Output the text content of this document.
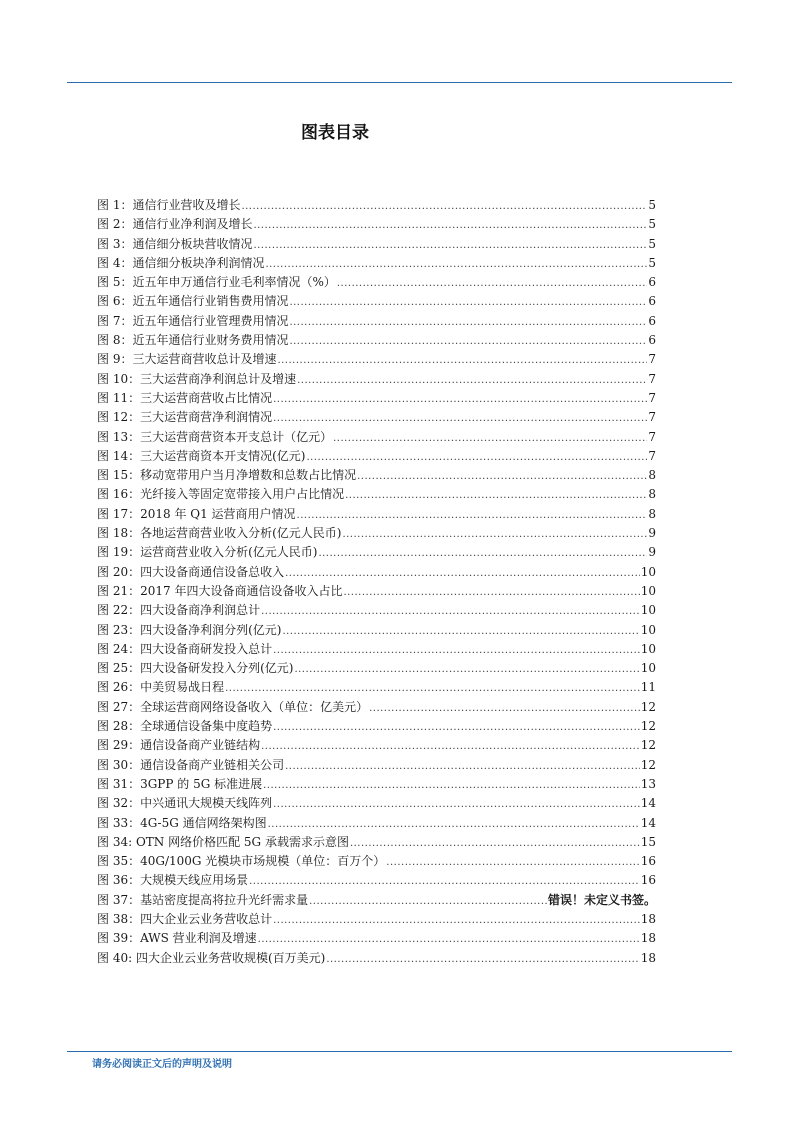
图表目录
图 1：通信行业营收及增长 .....	5
图 2：通信行业净利润及增长 .....	5
图 3：通信细分板块营收情况 .....	5
图 4：通信细分板块净利润情况 .....	5
图 5：近五年申万通信行业毛利率情况（%） .....	6
图 6：近五年通信行业销售费用情况 .....	6
图 7：近五年通信行业管理费用情况 .....	6
图 8：近五年通信行业财务费用情况 .....	6
图 9：三大运营商营收总计及增速 .....	7
图 10：三大运营商净利润总计及增速 .....	7
图 11：三大运营商营收占比情况 .....	7
图 12：三大运营商营净利润情况 .....	7
图 13：三大运营商营资本开支总计（亿元） .....	7
图 14：三大运营商资本开支情况(亿元) .....	7
图 15：移动宽带用户当月净增数和总数占比情况 .....	8
图 16：光纤接入等固定宽带接入用户占比情况 .....	8
图 17：2018 年 Q1 运营商用户情况 .....	8
图 18：各地运营商营业收入分析(亿元人民币) .....	9
图 19：运营商营业收入分析(亿元人民币) .....	9
图 20：四大设备商通信设备总收入 .....	10
图 21：2017 年四大设备商通信设备收入占比 .....	10
图 22：四大设备商净利润总计 .....	10
图 23：四大设备净利润分列(亿元) .....	10
图 24：四大设备商研发投入总计 .....	10
图 25：四大设备研发投入分列(亿元) .....	10
图 26：中美贸易战日程 .....	11
图 27：全球运营商网络设备收入（单位：亿美元） .....	12
图 28：全球通信设备集中度趋势 .....	12
图 29：通信设备商产业链结构 .....	12
图 30：通信设备商产业链相关公司 .....	12
图 31：3GPP 的 5G 标准进展 .....	13
图 32：中兴通讯大规模天线阵列 .....	14
图 33：4G-5G 通信网络架构图 .....	14
图 34: OTN 网络价格匹配 5G 承载需求示意图 .....	15
图 35：40G/100G 光模块市场规模（单位：百万个） .....	16
图 36：大规模天线应用场景 .....	16
图 37：基站密度提高将拉升光纤需求量 .....	错误！未定义书签。
图 38：四大企业云业务营收总计 .....	18
图 39：AWS 营业利润及增速 .....	18
图 40: 四大企业云业务营收规模(百万美元) .....	18
请务必阅读正文后的声明及说明
